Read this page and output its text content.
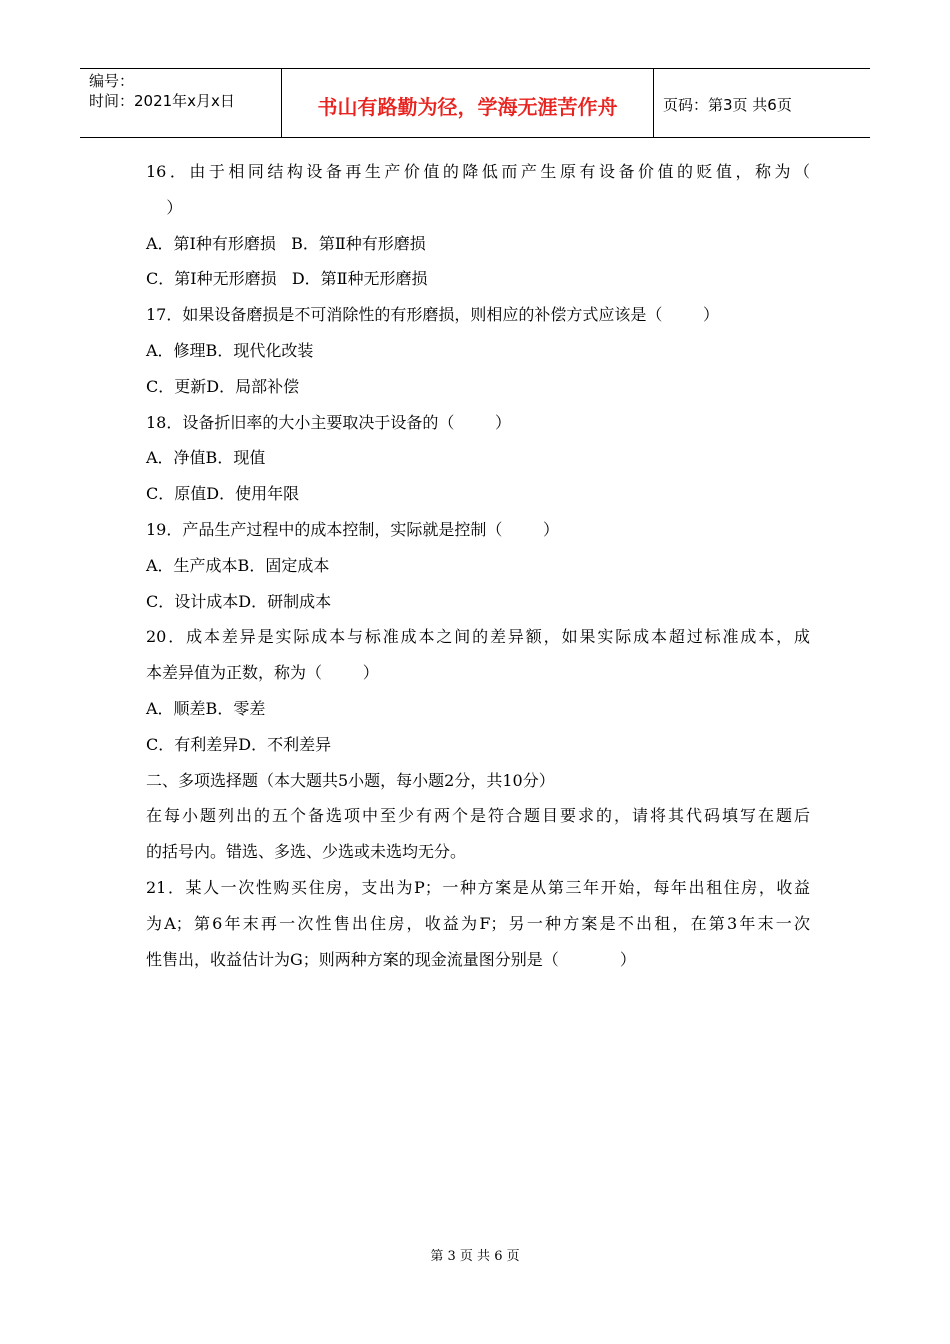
编号：
时间：2021年x月x日	书山有路勤为径，学海无涯苦作舟	页码：第3页 共6页
16．由于相同结构设备再生产价值的降低而产生原有设备价值的贬值，称为（
）
A．第Ⅰ种有形磨损   B．第Ⅱ种有形磨损
C．第Ⅰ种无形磨损   D．第Ⅱ种无形磨损
17．如果设备磨损是不可消除性的有形磨损，则相应的补偿方式应该是（        ）
A．修理B．现代化改装
C．更新D．局部补偿
18．设备折旧率的大小主要取决于设备的（        ）
A．净值B．现值
C．原值D．使用年限
19．产品生产过程中的成本控制，实际就是控制（        ）
A．生产成本B．固定成本
C．设计成本D．研制成本
20．成本差异是实际成本与标准成本之间的差异额，如果实际成本超过标准成本，成
本差异值为正数，称为（        ）
A．顺差B．零差
C．有利差异D．不利差异
二、多项选择题（本大题共5小题，每小题2分，共10分）
在每小题列出的五个备选项中至少有两个是符合题目要求的，请将其代码填写在题后
的括号内。错选、多选、少选或未选均无分。
21．某人一次性购买住房，支出为P；一种方案是从第三年开始，每年出租住房，收益
为A；第6年末再一次性售出住房，收益为F；另一种方案是不出租，在第3年末一次
性售出，收益估计为G；则两种方案的现金流量图分别是（            ）
第 3 页 共 6 页
